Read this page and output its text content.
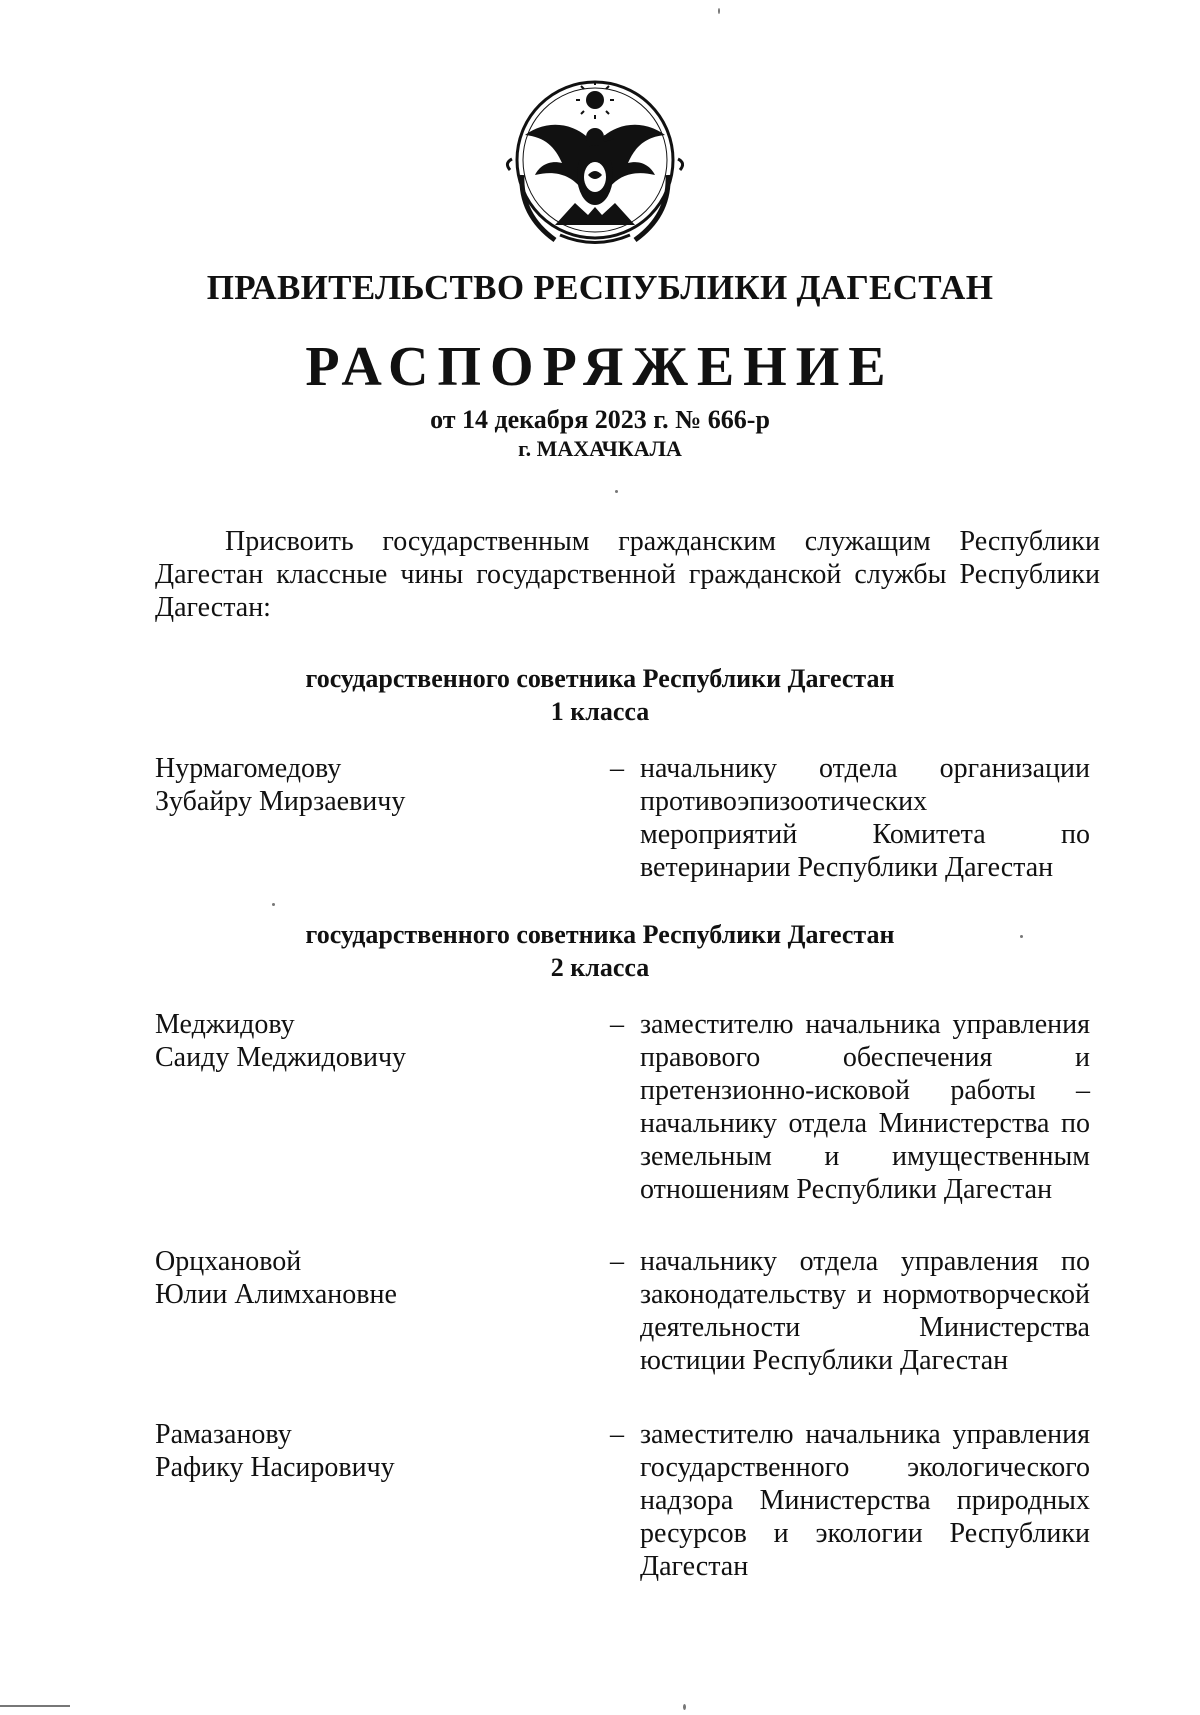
ПРАВИТЕЛЬСТВО РЕСПУБЛИКИ ДАГЕСТАН
РАСПОРЯЖЕНИЕ
от 14 декабря 2023 г. № 666-р
г. МАХАЧКАЛА

Присвоить государственным гражданским служащим Республики Дагестан классные чины государственной гражданской службы Республики Дагестан:

государственного советника Республики Дагестан
1 класса
Нурмагомедову
Зубайру Мирзаевичу
– начальнику отдела организации противоэпизоотических мероприятий Комитета по ветеринарии Республики Дагестан
государственного советника Республики Дагестан
2 класса
Меджидову
Саиду Меджидовичу
– заместителю начальника управления правового обеспечения и претензионно-исковой работы – начальнику отдела Министерства по земельным и имущественным отношениям Республики Дагестан
Орцхановой
Юлии Алимхановне
– начальнику отдела управления по законодательству и нормотворческой деятельности Министерства юстиции Республики Дагестан
Рамазанову
Рафику Насировичу
– заместителю начальника управления государственного экологического надзора Министерства природных ресурсов и экологии Республики Дагестан
